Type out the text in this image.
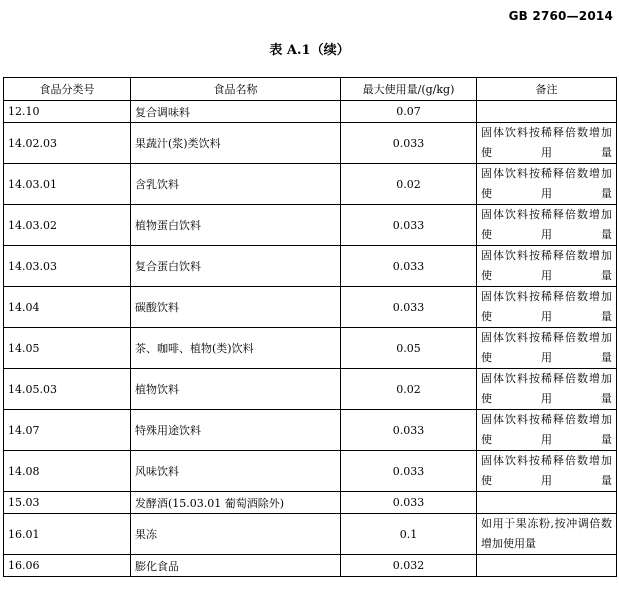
GB 2760—2014
表 A.1（续）
食品分类号	食品名称	最大使用量/(g/kg)	备注
12.10	复合调味料	0.07	
14.02.03	果蔬汁(浆)类饮料	0.033	固体饮料按稀释倍数增加使用量
14.03.01	含乳饮料	0.02	固体饮料按稀释倍数增加使用量
14.03.02	植物蛋白饮料	0.033	固体饮料按稀释倍数增加使用量
14.03.03	复合蛋白饮料	0.033	固体饮料按稀释倍数增加使用量
14.04	碳酸饮料	0.033	固体饮料按稀释倍数增加使用量
14.05	茶、咖啡、植物(类)饮料	0.05	固体饮料按稀释倍数增加使用量
14.05.03	植物饮料	0.02	固体饮料按稀释倍数增加使用量
14.07	特殊用途饮料	0.033	固体饮料按稀释倍数增加使用量
14.08	风味饮料	0.033	固体饮料按稀释倍数增加使用量
15.03	发酵酒(15.03.01 葡萄酒除外)	0.033	
16.01	果冻	0.1	如用于果冻粉,按冲调倍数增加使用量
16.06	膨化食品	0.032	
